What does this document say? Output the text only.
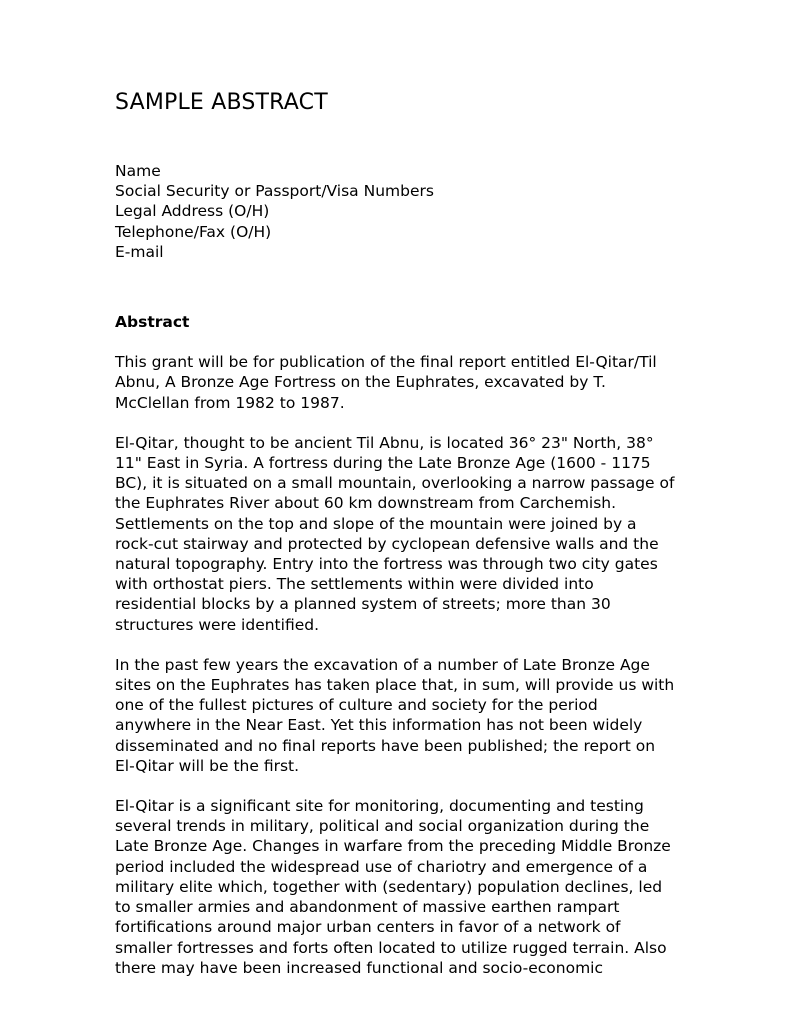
SAMPLE ABSTRACT
Name
Social Security or Passport/Visa Numbers
Legal Address (O/H)
Telephone/Fax (O/H)
E-mail
Abstract

This grant will be for publication of the final report entitled El-Qitar/Til Abnu, A Bronze Age Fortress on the Euphrates, excavated by T. McClellan from 1982 to 1987.

El-Qitar, thought to be ancient Til Abnu, is located 36° 23" North, 38° 11" East in Syria. A fortress during the Late Bronze Age (1600 - 1175 BC), it is situated on a small mountain, overlooking a narrow passage of the Euphrates River about 60 km downstream from Carchemish. Settlements on the top and slope of the mountain were joined by a rock-cut stairway and protected by cyclopean defensive walls and the natural topography. Entry into the fortress was through two city gates with orthostat piers. The settlements within were divided into residential blocks by a planned system of streets; more than 30 structures were identified.

In the past few years the excavation of a number of Late Bronze Age sites on the Euphrates has taken place that, in sum, will provide us with one of the fullest pictures of culture and society for the period anywhere in the Near East. Yet this information has not been widely disseminated and no final reports have been published; the report on El-Qitar will be the first.

El-Qitar is a significant site for monitoring, documenting and testing several trends in military, political and social organization during the Late Bronze Age. Changes in warfare from the preceding Middle Bronze period included the widespread use of chariotry and emergence of a military elite which, together with (sedentary) population declines, led to smaller armies and abandonment of massive earthen rampart fortifications around major urban centers in favor of a network of smaller fortresses and forts often located to utilize rugged terrain. Also there may have been increased functional and socio-economic
